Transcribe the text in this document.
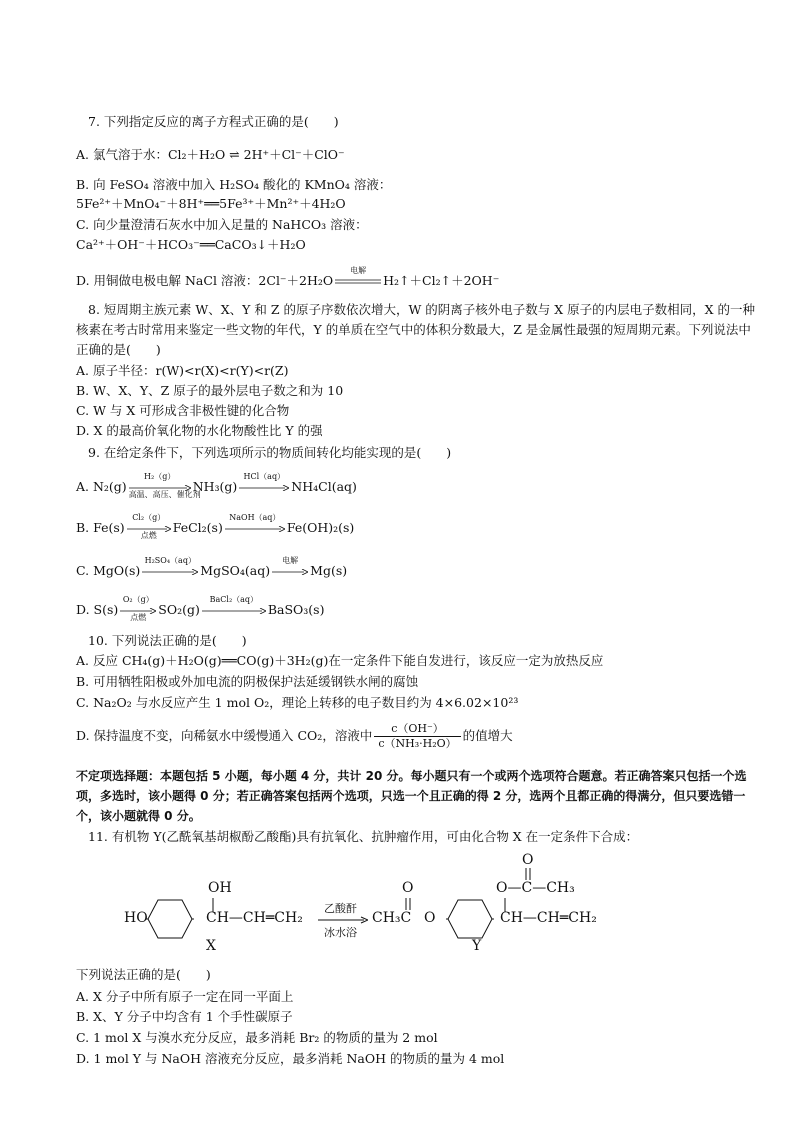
7. 下列指定反应的离子方程式正确的是(　　)
A. 氯气溶于水：Cl₂＋H₂O ⇌ 2H⁺＋Cl⁻＋ClO⁻
B. 向 FeSO₄ 溶液中加入 H₂SO₄ 酸化的 KMnO₄ 溶液：
5Fe²⁺＋MnO₄⁻＋8H⁺══5Fe³⁺＋Mn²⁺＋4H₂O
C. 向少量澄清石灰水中加入足量的 NaHCO₃ 溶液：
Ca²⁺＋OH⁻＋HCO₃⁻══CaCO₃↓＋H₂O
D. 用铜做电极电解 NaCl 溶液：2Cl⁻＋2H₂O
电解
H₂↑＋Cl₂↑＋2OH⁻
8. 短周期主族元素 W、X、Y 和 Z 的原子序数依次增大，W 的阴离子核外电子数与 X 原子的内层电子数相同，X 的一种核素在考古时常用来鉴定一些文物的年代，Y 的单质在空气中的体积分数最大，Z 是金属性最强的短周期元素。下列说法中正确的是(　　)
A. 原子半径：r(W)<r(X)<r(Y)<r(Z)
B. W、X、Y、Z 原子的最外层电子数之和为 10
C. W 与 X 可形成含非极性键的化合物
D. X 的最高价氧化物的水化物酸性比 Y 的强
9. 在给定条件下，下列选项所示的物质间转化均能实现的是(　　)
A. N₂(g)
H₂（g）
高温、高压、催化剂
NH₃(g)
HCl（aq）
NH₄Cl(aq)
B. Fe(s)
Cl₂（g）
点燃	FeCl₂(s)
NaOH（aq）
Fe(OH)₂(s)
C. MgO(s)
H₂SO₄（aq）
MgSO₄(aq)
电解
Mg(s)
D. S(s)
O₂（g）
点燃 SO₂(g)
BaCl₂（aq）
BaSO₃(s)
10. 下列说法正确的是(　　)
A. 反应 CH₄(g)＋H₂O(g)══CO(g)＋3H₂(g)在一定条件下能自发进行，该反应一定为放热反应
B. 可用牺牲阳极或外加电流的阴极保护法延缓钢铁水闸的腐蚀
C. Na₂O₂ 与水反应产生 1 mol O₂，理论上转移的电子数目约为 4×6.02×10²³
D. 保持温度不变，向稀氨水中缓慢通入 CO₂，溶液中 $\frac{c(OH^-)}{\text{c（NH₃·H₂O）}}$ 的值增大
不定项选择题：本题包括 5 小题，每小题 4 分，共计 20 分。每小题只有一个或两个选项符合题意。若正确答案只包括一个选项，多选时，该小题得 0 分；若正确答案包括两个选项，只选一个且正确的得 2 分，选两个且都正确的得满分，但只要选错一个，该小题就得 0 分。
11. 有机物 Y(乙酰氧基胡椒酚乙酸酯)具有抗氧化、抗肿瘤作用，可由化合物 X 在一定条件下合成：
HO
OH
CH—CH═CH₂
X
乙酸酐
冰水浴
O
CH₃C O
O
O—C—CH₃
CH—CH═CH₂
Y
下列说法正确的是(　　)
A. X 分子中所有原子一定在同一平面上
B. X、Y 分子中均含有 1 个手性碳原子
C. 1 mol X 与溴水充分反应，最多消耗 Br₂ 的物质的量为 2 mol
D. 1 mol Y 与 NaOH 溶液充分反应，最多消耗 NaOH 的物质的量为 4 mol
